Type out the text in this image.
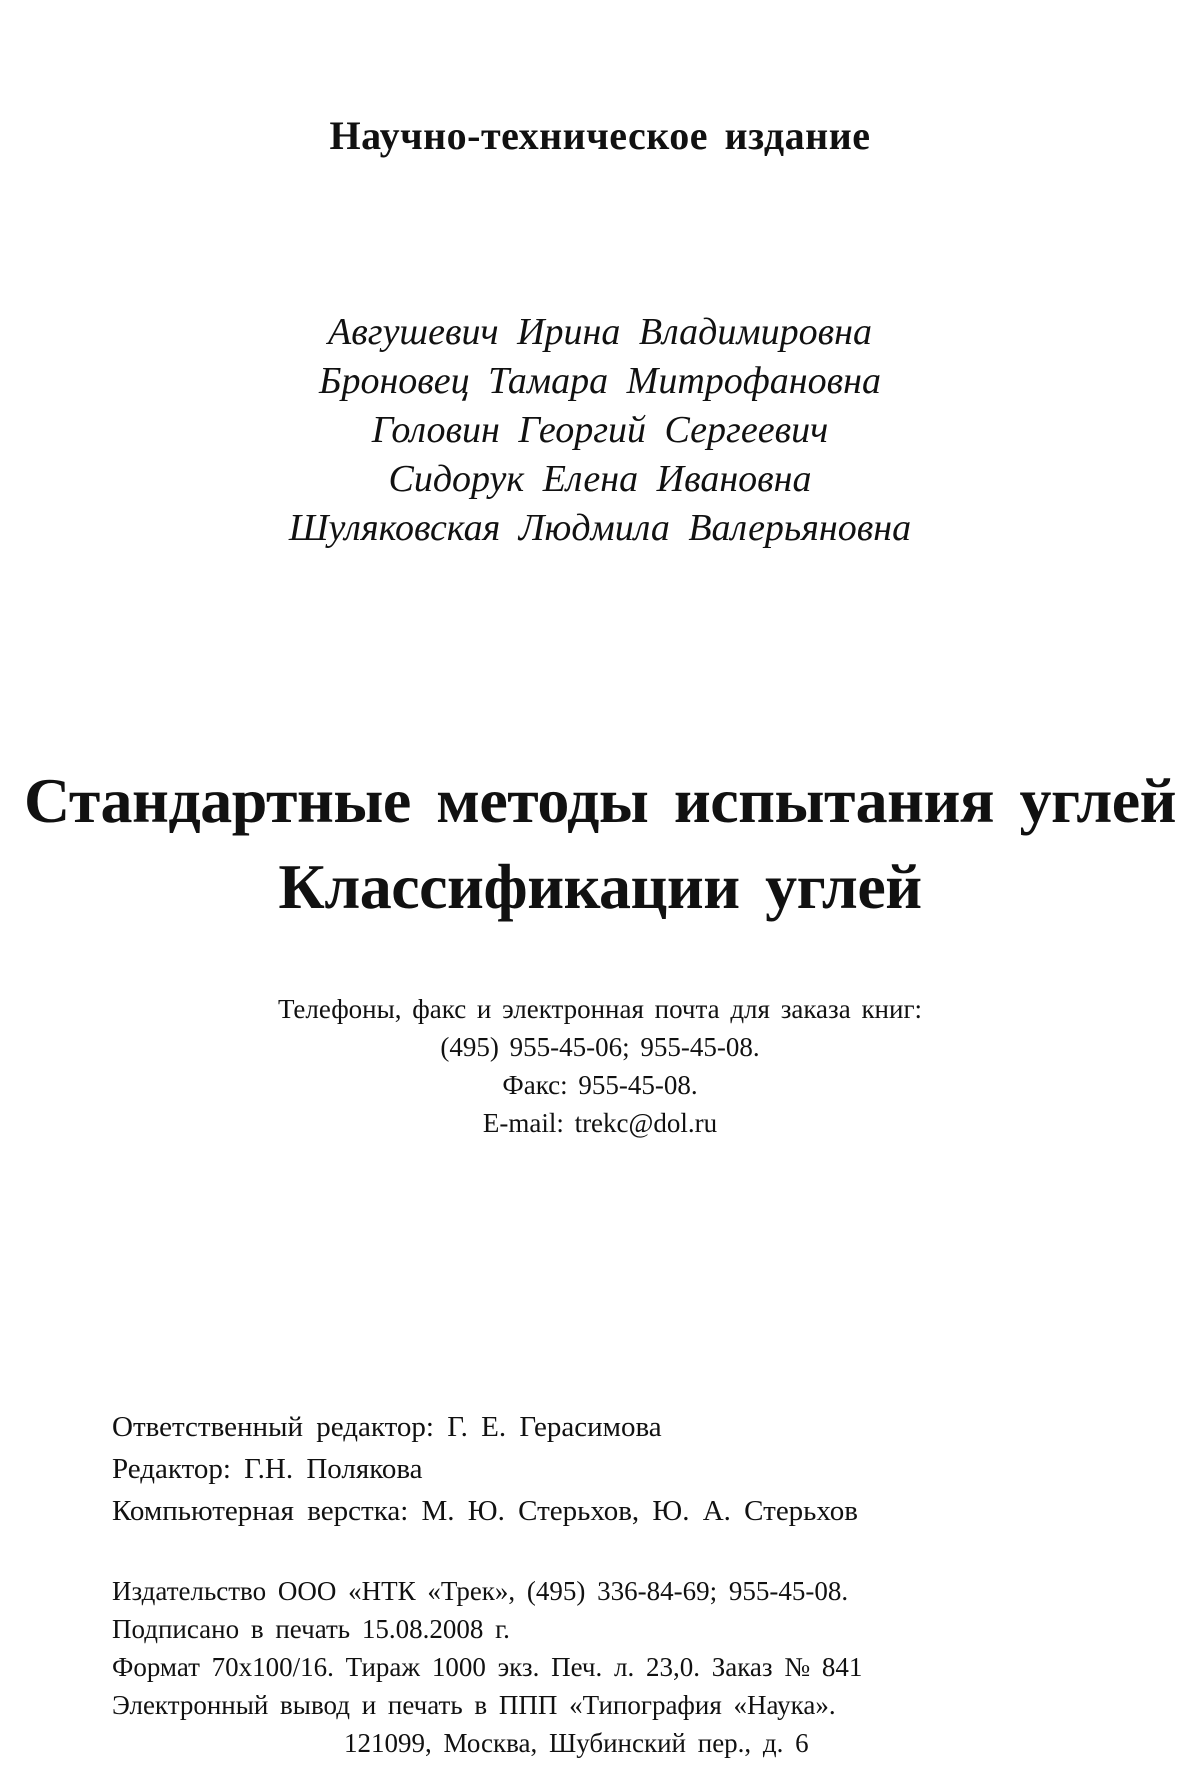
Научно-техническое издание
Авгушевич Ирина Владимировна
Броновец Тамара Митрофановна
Головин Георгий Сергеевич
Сидорук Елена Ивановна
Шуляковская Людмила Валерьяновна
Стандартные методы испытания углей
Классификации углей
Телефоны, факс и электронная почта для заказа книг:
(495) 955-45-06; 955-45-08.
Факс: 955-45-08.
E-mail: trekc@dol.ru
Ответственный редактор: Г. Е. Герасимова
Редактор: Г.Н. Полякова
Компьютерная верстка: М. Ю. Стерьхов, Ю. А. Стерьхов
Издательство ООО «НТК «Трек», (495) 336-84-69; 955-45-08.
Подписано в печать 15.08.2008 г.
Формат 70x100/16. Тираж 1000 экз. Печ. л. 23,0. Заказ № 841
Электронный вывод и печать в ППП «Типография «Наука».
121099, Москва, Шубинский пер., д. 6
